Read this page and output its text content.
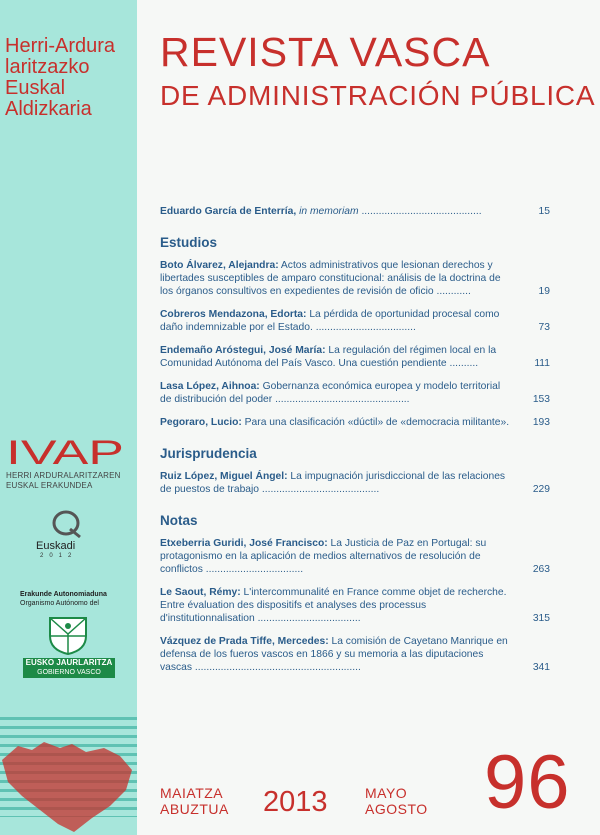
Herri-Ardura
laritzazko
Euskal
Aldizkaria
IVAP
HERRI ARDURALARITZAREN
EUSKAL ERAKUNDEA
Euskadi
2012
Erakunde Autonomiaduna
Organismo Autónomo del
EUSKO JAURLARITZA
GOBIERNO VASCO
REVISTA VASCA
DE ADMINISTRACIÓN PÚBLICA
Eduardo García de Enterría, in memoriam ..........................................	15
Estudios
Boto Álvarez, Alejandra: Actos administrativos que lesionan derechos y libertades susceptibles de amparo constitucional: análisis de la doctrina de los órganos consultivos en expedientes de revisión de oficio ............	19
Cobreros Mendazona, Edorta: La pérdida de oportunidad procesal como daño indemnizable por el Estado. ...................................	73
Endemaño Aróstegui, José María: La regulación del régimen local en la Comunidad Autónoma del País Vasco. Una cuestión pendiente ..........	111
Lasa López, Aihnoa: Gobernanza económica europea y modelo territorial de distribución del poder ...............................................	153
Pegoraro, Lucio: Para una clasificación «dúctil» de «democracia militante».	193
Jurisprudencia
Ruiz López, Miguel Ángel: La impugnación jurisdiccional de las relaciones de puestos de trabajo .........................................	229
Notas
Etxeberria Guridi, José Francisco: La Justicia de Paz en Portugal: su protagonismo en la aplicación de medios alternativos de resolución de conflictos ..................................	263
Le Saout, Rémy: L'intercommunalité en France comme objet de recherche. Entre évaluation des dispositifs et analyses des processus d'institutionnalisation ....................................	315
Vázquez de Prada Tiffe, Mercedes: La comisión de Cayetano Manrique en defensa de los fueros vascos en 1866 y su memoria a las diputaciones vascas ..........................................................	341
MAIATZA
ABUZTUA 2013	MAYO
AGOSTO 96
